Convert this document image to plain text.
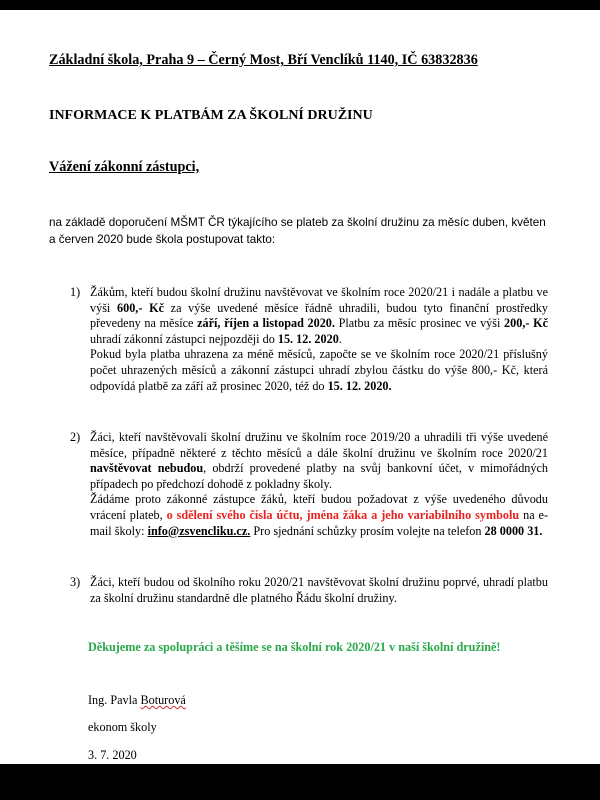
Základní škola, Praha 9 – Černý Most, Bří Venclíků 1140, IČ 63832836
INFORMACE K PLATBÁM ZA ŠKOLNÍ DRUŽINU
Vážení zákonní zástupci,

na základě doporučení MŠMT ČR týkajícího se plateb za školní družinu za měsíc duben, květen a červen 2020 bude škola postupovat takto:

1) Žákům, kteří budou školní družinu navštěvovat ve školním roce 2020/21 i nadále a platbu ve výši 600,- Kč za výše uvedené měsíce řádně uhradili, budou tyto finanční prostředky převedeny na měsíce září, říjen a listopad 2020. Platbu za měsíc prosinec ve výši 200,- Kč uhradí zákonní zástupci nejpozději do 15. 12. 2020.

Pokud byla platba uhrazena za méně měsíců, započte se ve školním roce 2020/21 příslušný počet uhrazených měsíců a zákonní zástupci uhradí zbylou částku do výše 800,- Kč, která odpovídá platbě za září až prosinec 2020, též do 15. 12. 2020.

2) Žáci, kteří navštěvovali školní družinu ve školním roce 2019/20 a uhradili tři výše uvedené měsíce, případně některé z těchto měsíců a dále školní družinu ve školním roce 2020/21 navštěvovat nebudou, obdrží provedené platby na svůj bankovní účet, v mimořádných případech po předchozí dohodě z pokladny školy.

Žádáme proto zákonné zástupce žáků, kteří budou požadovat z výše uvedeného důvodu vrácení plateb, o sdělení svého čísla účtu, jména žáka a jeho variabilního symbolu na e-mail školy: info@zsvencliku.cz. Pro sjednání schůzky prosím volejte na telefon 28 0000 31.

3) Žáci, kteří budou od školního roku 2020/21 navštěvovat školní družinu poprvé, uhradí platbu za školní družinu standardně dle platného Řádu školní družiny.

Děkujeme za spolupráci a těšíme se na školní rok 2020/21 v naší školní družině!
Ing. Pavla Boturová
ekonom školy
3. 7. 2020
